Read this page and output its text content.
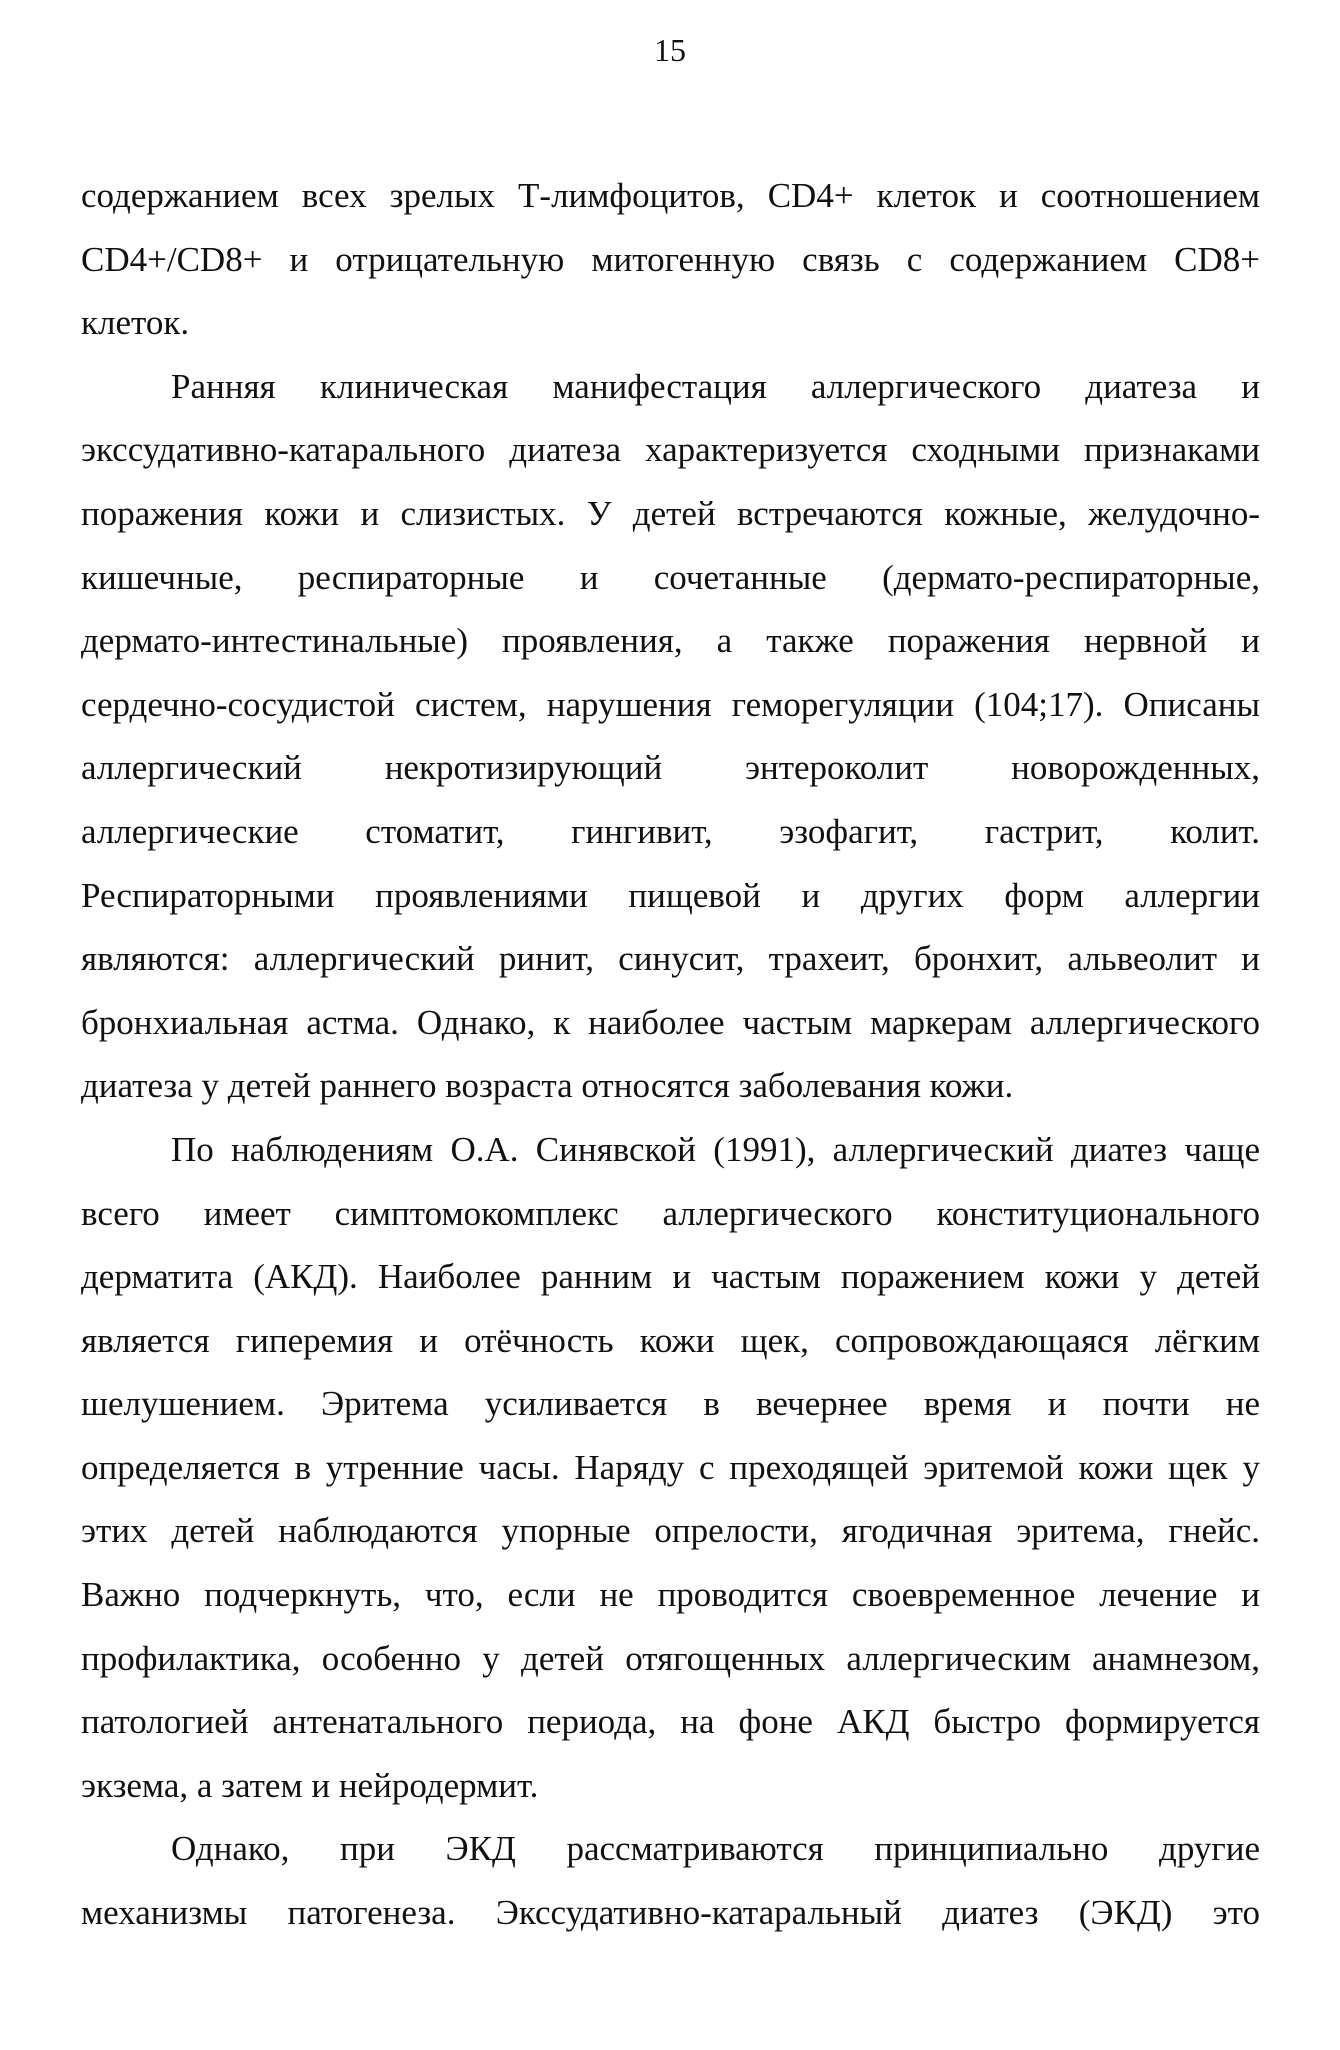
15

содержанием всех зрелых Т-лимфоцитов, CD4+ клеток и соотношением
CD4+/CD8+ и отрицательную митогенную связь с содержанием CD8+
клеток.

Ранняя клиническая манифестация аллергического диатеза и
экссудативно-катарального диатеза характеризуется сходными признаками
поражения кожи и слизистых. У детей встречаются кожные, желудочно-
кишечные, респираторные и сочетанные (дермато-респираторные,
дермато-интестинальные) проявления, а также поражения нервной и
сердечно-сосудистой систем, нарушения геморегуляции (104;17). Описаны
аллергический некротизирующий энтероколит новорожденных,
аллергические стоматит, гингивит, эзофагит, гастрит, колит.
Респираторными проявлениями пищевой и других форм аллергии
являются: аллергический ринит, синусит, трахеит, бронхит, альвеолит и
бронхиальная астма. Однако, к наиболее частым маркерам аллергического
диатеза у детей раннего возраста относятся заболевания кожи.

По наблюдениям О.А. Синявской (1991), аллергический диатез чаще
всего имеет симптомокомплекс аллергического конституционального
дерматита (АКД). Наиболее ранним и частым поражением кожи у детей
является гиперемия и отёчность кожи щек, сопровождающаяся лёгким
шелушением. Эритема усиливается в вечернее время и почти не
определяется в утренние часы. Наряду с преходящей эритемой кожи щек у
этих детей наблюдаются упорные опрелости, ягодичная эритема, гнейс.
Важно подчеркнуть, что, если не проводится своевременное лечение и
профилактика, особенно у детей отягощенных аллергическим анамнезом,
патологией антенатального периода, на фоне АКД быстро формируется
экзема, а затем и нейродермит.

Однако, при ЭКД рассматриваются принципиально другие
механизмы патогенеза. Экссудативно-катаральный диатез (ЭКД) это
